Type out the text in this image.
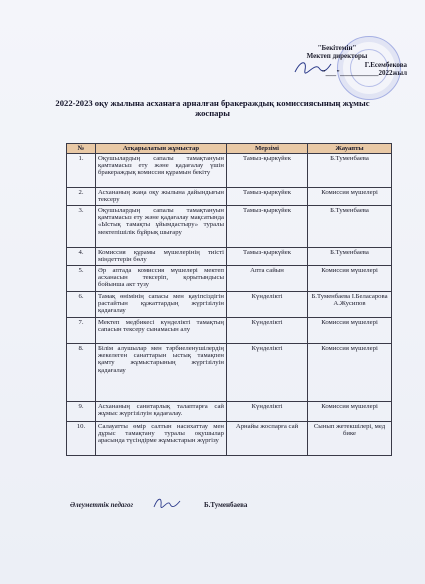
"Бекітемін"
Мектеп директоры
Г.Есембекова
"___"___________2022жыл
2022-2023 оқу жылына асханаға арналған бракераждық комиссиясының жұмыс жоспары
№	Атқарылатын жұмыстар	Мерзімі	Жауапты
1.	Оқушылардың сапалы тамақтануын қамтамасыз ету және қадағалау үшін бракераждық комиссия құрамын бекіту	Тамыз-қыркүйек	Б.Туменбаева
2.	Асхананың жаңа оқу жылына дайындығын тексеру	Тамыз-қыркүйек	Комиссия мүшелері
3.	Оқушылардың сапалы тамақтануын қамтамасыз ету және қадағалау мақсатында «Ыстық тамақты ұйымдастыру» туралы мектепішілік бұйрық шығару	Тамыз-қыркүйек	Б.Туменбаева
4.	Комиссия құрамы мүшелерінің тиісті міндеттерін бөлу	Тамыз-қыркүйек	Б.Туменбаева
5.	Әр аптада комиссия мүшелері мектеп асханасын тексеріп, қорытындысы бойынша акт тузу	Апта сайын	Комиссия мүшелері
6.	Тамақ өнімінің сапасы мен қауіпсіздігін растайтын құжаттардың жүргізілуін қадағалау	Күнделікті	Б.Туменбаева І.Беласарова А.Жусипов
7.	Мектеп медбикесі күнделікті тамақтың сапасын тексеру сынамасын алу	Күнделікті	Комиссия мүшелері
8.	Білім алушылар мен тәрбиеленушілердің жекелеген санаттарын ыстық тамақпен қамту жұмыстарының жүргізілуін қадағалау	Күнделікті	Комиссия мүшелері
9.	Асхананың санитарлық талаптарға сай жұмыс жүргізілуін қадағалау.	Күнделікті	Комиссия мүшелері
10.	Салауатты өмір салтын насихаттау мен дұрыс тамақтану туралы оқушылар арасында түсіндірме жұмыстарын жүргізу	Арнайы жоспарға сай	Сынып жетекшілері, мед бике
Әлеуметтік педагог	Б.Туменбаева
